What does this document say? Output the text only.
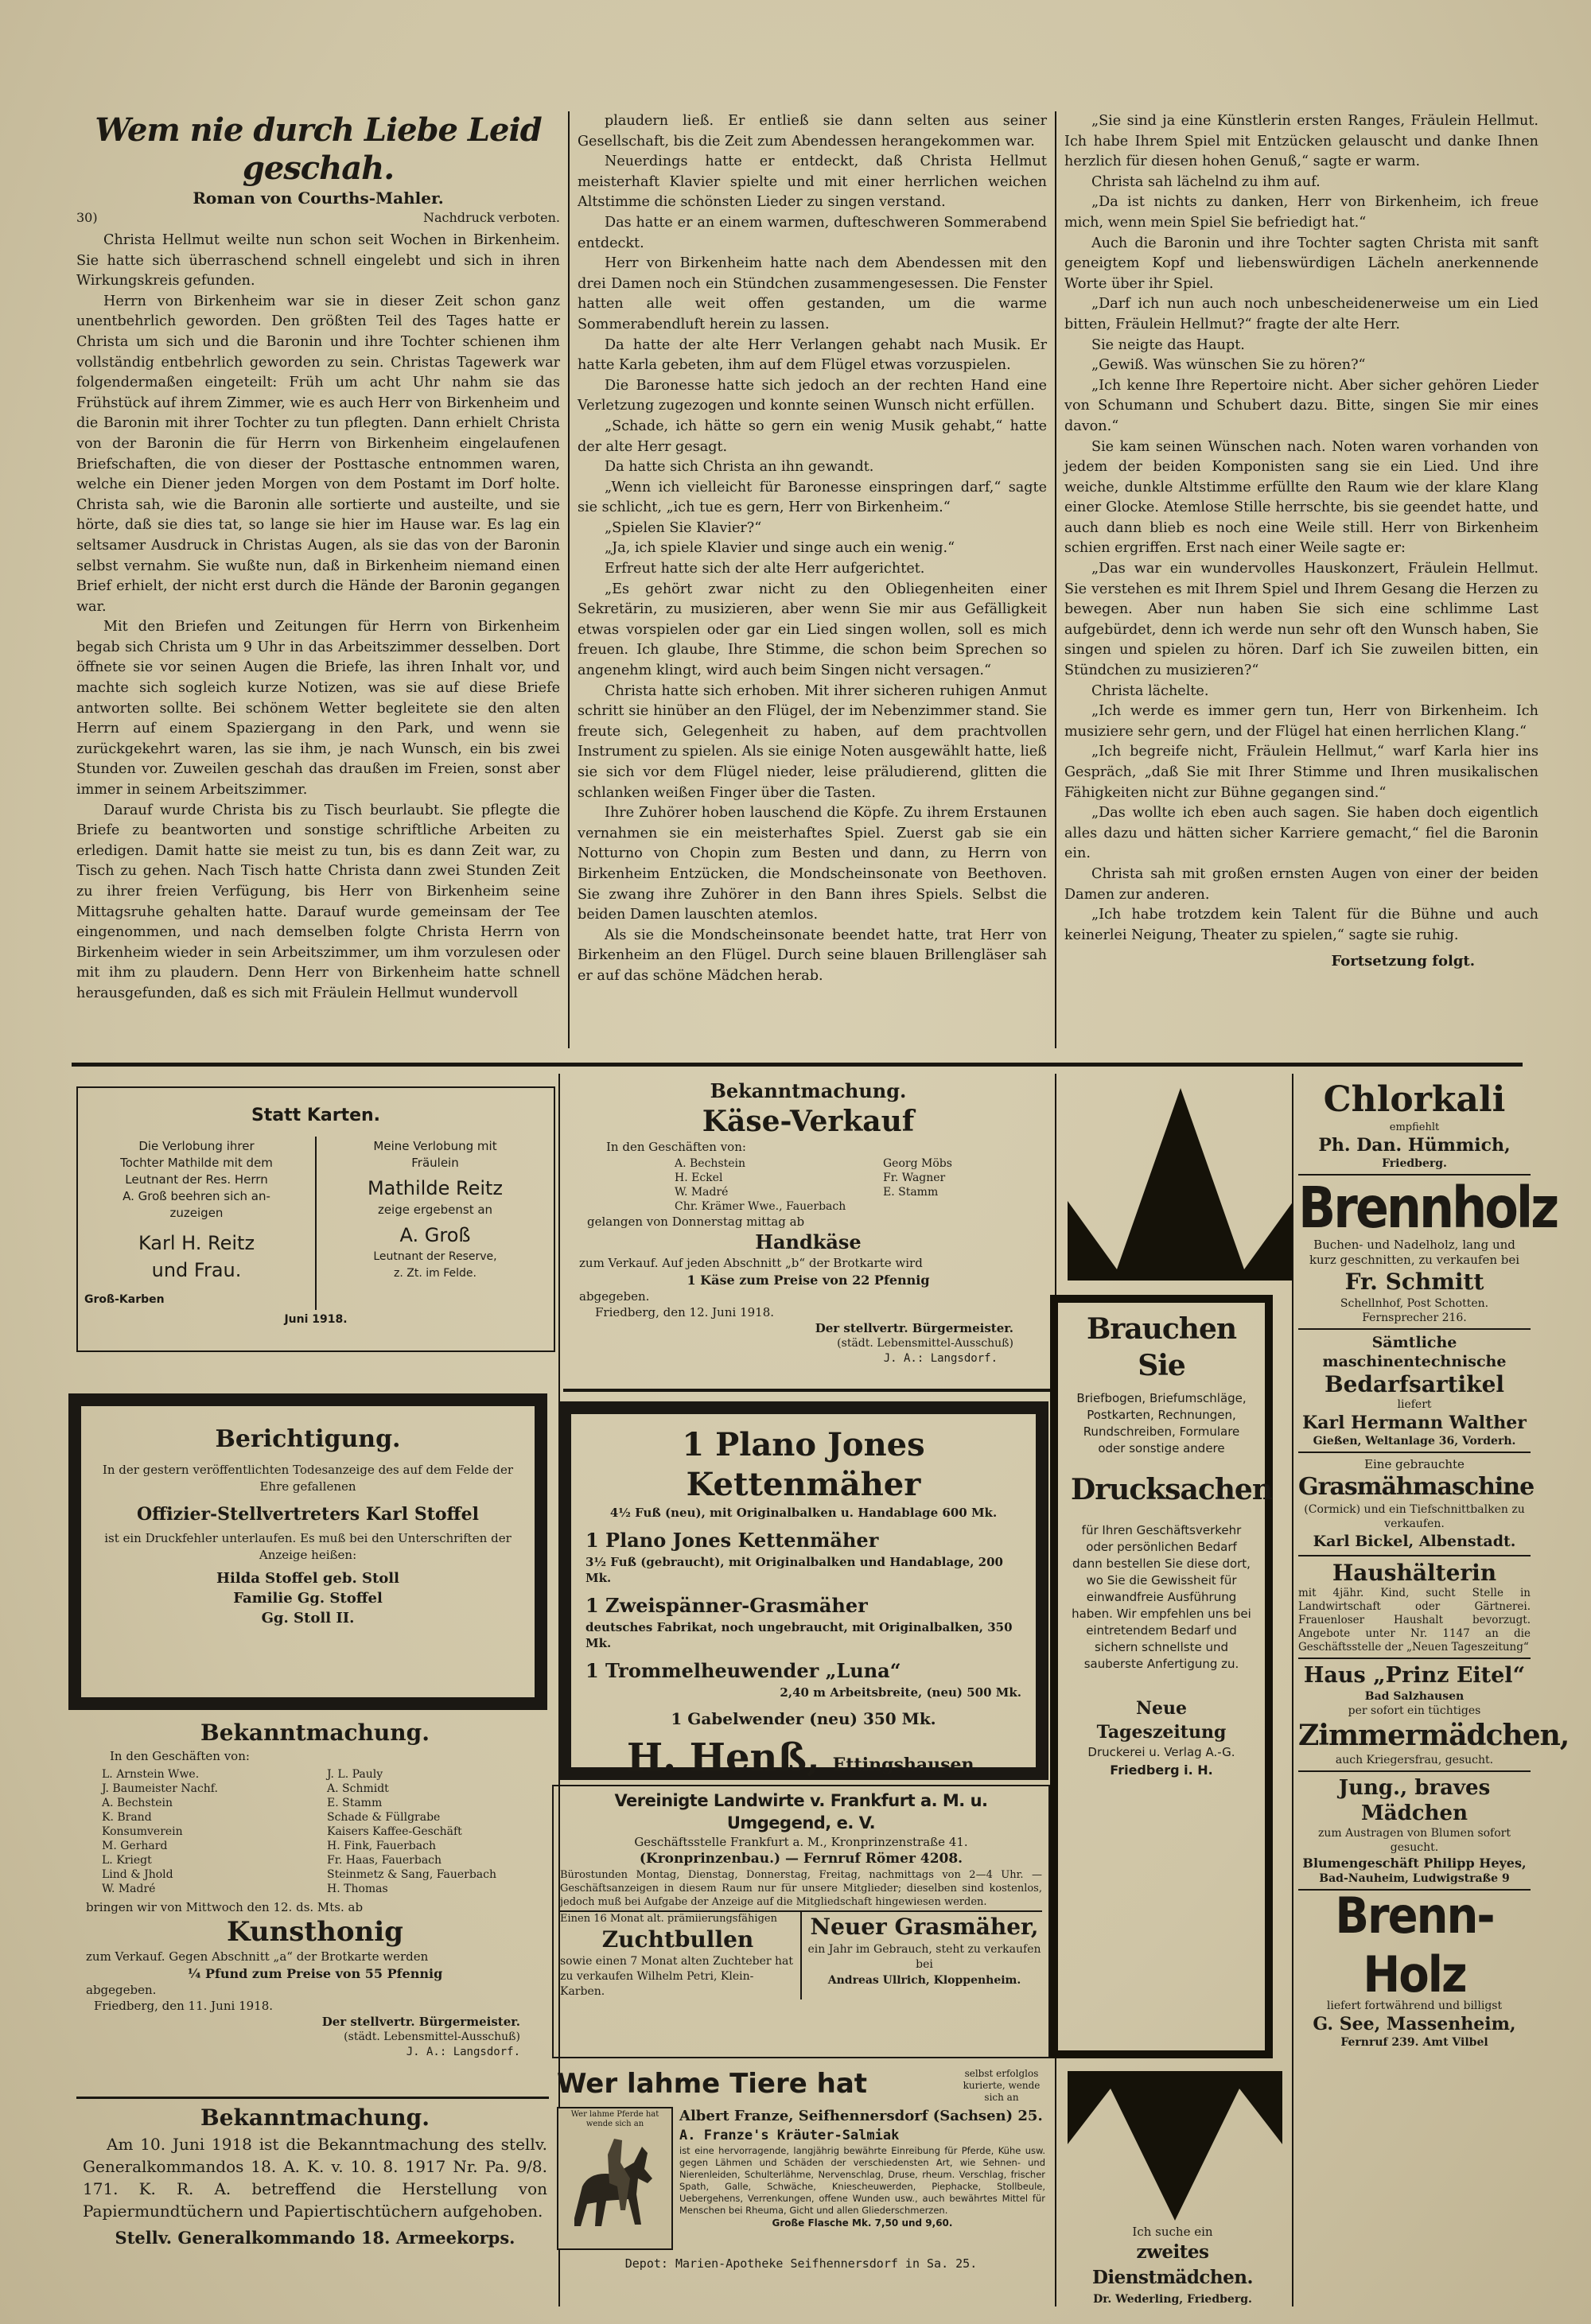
Wem nie durch Liebe Leid geschah.
Roman von Courths-Mahler.
30)	Nachdruck verboten.

Christa Hellmut weilte nun schon seit Wochen in Birkenheim. Sie hatte sich überraschend schnell eingelebt und sich in ihren Wirkungskreis gefunden.

Herrn von Birkenheim war sie in dieser Zeit schon ganz unentbehrlich geworden. Den größten Teil des Tages hatte er Christa um sich und die Baronin und ihre Tochter schienen ihm vollständig entbehrlich geworden zu sein. Christas Tagewerk war folgendermaßen eingeteilt: Früh um acht Uhr nahm sie das Frühstück auf ihrem Zimmer, wie es auch Herr von Birkenheim und die Baronin mit ihrer Tochter zu tun pflegten. Dann erhielt Christa von der Baronin die für Herrn von Birkenheim eingelaufenen Briefschaften, die von dieser der Posttasche entnommen waren, welche ein Diener jeden Morgen von dem Postamt im Dorf holte. Christa sah, wie die Baronin alle sortierte und austeilte, und sie hörte, daß sie dies tat, so lange sie hier im Hause war. Es lag ein seltsamer Ausdruck in Christas Augen, als sie das von der Baronin selbst vernahm. Sie wußte nun, daß in Birkenheim niemand einen Brief erhielt, der nicht erst durch die Hände der Baronin gegangen war.

Mit den Briefen und Zeitungen für Herrn von Birkenheim begab sich Christa um 9 Uhr in das Arbeitszimmer desselben. Dort öffnete sie vor seinen Augen die Briefe, las ihren Inhalt vor, und machte sich sogleich kurze Notizen, was sie auf diese Briefe antworten sollte. Bei schönem Wetter begleitete sie den alten Herrn auf einem Spaziergang in den Park, und wenn sie zurückgekehrt waren, las sie ihm, je nach Wunsch, ein bis zwei Stunden vor. Zuweilen geschah das draußen im Freien, sonst aber immer in seinem Arbeitszimmer.

Darauf wurde Christa bis zu Tisch beurlaubt. Sie pflegte die Briefe zu beantworten und sonstige schriftliche Arbeiten zu erledigen. Damit hatte sie meist zu tun, bis es dann Zeit war, zu Tisch zu gehen. Nach Tisch hatte Christa dann zwei Stunden Zeit zu ihrer freien Verfügung, bis Herr von Birkenheim seine Mittagsruhe gehalten hatte. Darauf wurde gemeinsam der Tee eingenommen, und nach demselben folgte Christa Herrn von Birkenheim wieder in sein Arbeitszimmer, um ihm vorzulesen oder mit ihm zu plaudern. Denn Herr von Birkenheim hatte schnell herausgefunden, daß es sich mit Fräulein Hellmut wundervoll

plaudern ließ. Er entließ sie dann selten aus seiner Gesellschaft, bis die Zeit zum Abendessen herangekommen war.

Neuerdings hatte er entdeckt, daß Christa Hellmut meisterhaft Klavier spielte und mit einer herrlichen weichen Altstimme die schönsten Lieder zu singen verstand.

Das hatte er an einem warmen, dufteschweren Sommerabend entdeckt.

Herr von Birkenheim hatte nach dem Abendessen mit den drei Damen noch ein Stündchen zusammengesessen. Die Fenster hatten alle weit offen gestanden, um die warme Sommerabendluft herein zu lassen.

Da hatte der alte Herr Verlangen gehabt nach Musik. Er hatte Karla gebeten, ihm auf dem Flügel etwas vorzuspielen.

Die Baronesse hatte sich jedoch an der rechten Hand eine Verletzung zugezogen und konnte seinen Wunsch nicht erfüllen.

„Schade, ich hätte so gern ein wenig Musik gehabt,“ hatte der alte Herr gesagt.

Da hatte sich Christa an ihn gewandt.

„Wenn ich vielleicht für Baronesse einspringen darf,“ sagte sie schlicht, „ich tue es gern, Herr von Birkenheim.“

„Spielen Sie Klavier?“

„Ja, ich spiele Klavier und singe auch ein wenig.“

Erfreut hatte sich der alte Herr aufgerichtet.

„Es gehört zwar nicht zu den Obliegenheiten einer Sekretärin, zu musizieren, aber wenn Sie mir aus Gefälligkeit etwas vorspielen oder gar ein Lied singen wollen, soll es mich freuen. Ich glaube, Ihre Stimme, die schon beim Sprechen so angenehm klingt, wird auch beim Singen nicht versagen.“

Christa hatte sich erhoben. Mit ihrer sicheren ruhigen Anmut schritt sie hinüber an den Flügel, der im Nebenzimmer stand. Sie freute sich, Gelegenheit zu haben, auf dem prachtvollen Instrument zu spielen. Als sie einige Noten ausgewählt hatte, ließ sie sich vor dem Flügel nieder, leise präludierend, glitten die schlanken weißen Finger über die Tasten.

Ihre Zuhörer hoben lauschend die Köpfe. Zu ihrem Erstaunen vernahmen sie ein meisterhaftes Spiel. Zuerst gab sie ein Notturno von Chopin zum Besten und dann, zu Herrn von Birkenheim Entzücken, die Mondscheinsonate von Beethoven. Sie zwang ihre Zuhörer in den Bann ihres Spiels. Selbst die beiden Damen lauschten atemlos.

Als sie die Mondscheinsonate beendet hatte, trat Herr von Birkenheim an den Flügel. Durch seine blauen Brillengläser sah er auf das schöne Mädchen herab.

„Sie sind ja eine Künstlerin ersten Ranges, Fräulein Hellmut. Ich habe Ihrem Spiel mit Entzücken gelauscht und danke Ihnen herzlich für diesen hohen Genuß,“ sagte er warm.

Christa sah lächelnd zu ihm auf.

„Da ist nichts zu danken, Herr von Birkenheim, ich freue mich, wenn mein Spiel Sie befriedigt hat.“

Auch die Baronin und ihre Tochter sagten Christa mit sanft geneigtem Kopf und liebenswürdigen Lächeln anerkennende Worte über ihr Spiel.

„Darf ich nun auch noch unbescheidenerweise um ein Lied bitten, Fräulein Hellmut?“ fragte der alte Herr.

Sie neigte das Haupt.

„Gewiß. Was wünschen Sie zu hören?“

„Ich kenne Ihre Repertoire nicht. Aber sicher gehören Lieder von Schumann und Schubert dazu. Bitte, singen Sie mir eines davon.“

Sie kam seinen Wünschen nach. Noten waren vorhanden von jedem der beiden Komponisten sang sie ein Lied. Und ihre weiche, dunkle Altstimme erfüllte den Raum wie der klare Klang einer Glocke. Atemlose Stille herrschte, bis sie geendet hatte, und auch dann blieb es noch eine Weile still. Herr von Birkenheim schien ergriffen. Erst nach einer Weile sagte er:

„Das war ein wundervolles Hauskonzert, Fräulein Hellmut. Sie verstehen es mit Ihrem Spiel und Ihrem Gesang die Herzen zu bewegen. Aber nun haben Sie sich eine schlimme Last aufgebürdet, denn ich werde nun sehr oft den Wunsch haben, Sie singen und spielen zu hören. Darf ich Sie zuweilen bitten, ein Stündchen zu musizieren?“

Christa lächelte.

„Ich werde es immer gern tun, Herr von Birkenheim. Ich musiziere sehr gern, und der Flügel hat einen herrlichen Klang.“

„Ich begreife nicht, Fräulein Hellmut,“ warf Karla hier ins Gespräch, „daß Sie mit Ihrer Stimme und Ihren musikalischen Fähigkeiten nicht zur Bühne gegangen sind.“

„Das wollte ich eben auch sagen. Sie haben doch eigentlich alles dazu und hätten sicher Karriere gemacht,“ fiel die Baronin ein.

Christa sah mit großen ernsten Augen von einer der beiden Damen zur anderen.

„Ich habe trotzdem kein Talent für die Bühne und auch keinerlei Neigung, Theater zu spielen,“ sagte sie ruhig.

Fortsetzung folgt.
Statt Karten.
Die Verlobung ihrer
Tochter Mathilde mit dem
Leutnant der Res. Herrn
A. Groß beehren sich an-
zuzeigen
Karl H. Reitz
und Frau.
Groß-Karben
Meine Verlobung mit
Fräulein
Mathilde Reitz
zeige ergebenst an
A. Groß
Leutnant der Reserve,
z. Zt. im Felde.
Juni 1918.
Berichtigung.
In der gestern veröffentlichten Todesanzeige des auf dem Felde der Ehre gefallenen
Offizier-Stellvertreters Karl Stoffel
ist ein Druckfehler unterlaufen. Es muß bei den Unterschriften der Anzeige heißen:
Hilda Stoffel geb. Stoll
Familie Gg. Stoffel
Gg. Stoll II.
Bekanntmachung.
In den Geschäften von:
L. Arnstein Wwe.
J. Baumeister Nachf.
A. Bechstein
K. Brand
Konsumverein
M. Gerhard
L. Kriegt
Lind & Jhold
W. Madré
J. L. Pauly
A. Schmidt
E. Stamm
Schade & Füllgrabe
Kaisers Kaffee-Geschäft
H. Fink, Fauerbach
Fr. Haas, Fauerbach
Steinmetz & Sang, Fauerbach
H. Thomas
bringen wir von Mittwoch den 12. ds. Mts. ab
Kunsthonig
zum Verkauf. Gegen Abschnitt „a“ der Brotkarte werden
¼ Pfund zum Preise von 55 Pfennig
abgegeben.
Friedberg, den 11. Juni 1918.
Der stellvertr. Bürgermeister.
(städt. Lebensmittel-Ausschuß)
J. A.: Langsdorf.
Bekanntmachung.
Am 10. Juni 1918 ist die Bekanntmachung des stellv. Generalkommandos 18. A. K. v. 10. 8. 1917 Nr. Pa. 9/8. 171. K. R. A. betreffend die Herstellung von Papiermundtüchern und Papiertischtüchern aufgehoben.
Stellv. Generalkommando 18. Armeekorps.
Bekanntmachung.
Käse-Verkauf
In den Geschäften von:
A. Bechstein
H. Eckel
W. Madré
Chr. Krämer Wwe., Fauerbach
Georg Möbs
Fr. Wagner
E. Stamm
gelangen von Donnerstag mittag ab
Handkäse
zum Verkauf. Auf jeden Abschnitt „b“ der Brotkarte wird
1 Käse zum Preise von 22 Pfennig
abgegeben.
Friedberg, den 12. Juni 1918.
Der stellvertr. Bürgermeister.
(städt. Lebensmittel-Ausschuß)
J. A.: Langsdorf.
1 Plano Jones Kettenmäher
4½ Fuß (neu), mit Originalbalken u. Handablage 600 Mk.
1 Plano Jones Kettenmäher
3½ Fuß (gebraucht), mit Originalbalken und Handablage, 200 Mk.
1 Zweispänner-Grasmäher
deutsches Fabrikat, noch ungebraucht, mit Originalbalken, 350 Mk.
1 Trommelheuwender „Luna“
2,40 m Arbeitsbreite, (neu) 500 Mk.
1 Gabelwender (neu) 350 Mk.
H. Henß, Ettingshausen.
Vereinigte Landwirte v. Frankfurt a. M. u. Umgegend, e. V.
Geschäftsstelle Frankfurt a. M., Kronprinzenstraße 41.
(Kronprinzenbau.) — Fernruf Römer 4208.
Bürostunden Montag, Dienstag, Donnerstag, Freitag, nachmittags von 2—4 Uhr. — Geschäftsanzeigen in diesem Raum nur für unsere Mitglieder; dieselben sind kostenlos, jedoch muß bei Aufgabe der Anzeige auf die Mitgliedschaft hingewiesen werden.
Einen 16 Monat alt. prämiierungsfähigen
Zuchtbullen
sowie einen 7 Monat alten Zuchteber hat zu verkaufen Wilhelm Petri, Klein-Karben.
Neuer Grasmäher,
ein Jahr im Gebrauch, steht zu verkaufen bei
Andreas Ullrich, Kloppenheim.
Wer lahme Tiere hat	selbst erfolglos kurierte, wende sich an
Wer lahme Pferde hat wende sich an	Albert Franze, Seifhennersdorf (Sachsen) 25.
A. Franze's Kräuter-Salmiak
ist eine hervorragende, langjährig bewährte Einreibung für Pferde, Kühe usw. gegen Lähmen und Schäden der verschiedensten Art, wie Sehnen- und Nierenleiden, Schulterlähme, Nervenschlag, Druse, rheum. Verschlag, frischer Spath, Galle, Schwäche, Kniescheuwerden, Piephacke, Stollbeule, Uebergehens, Verrenkungen, offene Wunden usw., auch bewährtes Mittel für Menschen bei Rheuma, Gicht und allen Gliederschmerzen.
Große Flasche Mk. 7,50 und 9,60.
Depot: Marien-Apotheke Seifhennersdorf in Sa. 25.
Brauchen Sie
Briefbogen, Briefumschläge, Postkarten, Rechnungen, Rundschreiben, Formulare oder sonstige andere
Drucksachen
für Ihren Geschäftsverkehr oder persönlichen Bedarf dann bestellen Sie diese dort, wo Sie die Gewissheit für einwandfreie Ausführung haben. Wir empfehlen uns bei eintretendem Bedarf und sichern schnellste und sauberste Anfertigung zu.
Neue Tageszeitung
Druckerei u. Verlag A.-G.
Friedberg i. H.
Ich suche ein
zweites Dienstmädchen.
Dr. Wederling, Friedberg.
Chlorkali
empfiehlt
Ph. Dan. Hümmich,
Friedberg.
Brennholz
Buchen- und Nadelholz, lang und kurz geschnitten, zu verkaufen bei
Fr. Schmitt
Schellnhof, Post Schotten.
Fernsprecher 216.
Sämtliche maschinentechnische
Bedarfsartikel
liefert
Karl Hermann Walther
Gießen, Weltanlage 36, Vorderh.
Eine gebrauchte
Grasmähmaschine
(Cormick) und ein Tiefschnittbalken zu verkaufen.
Karl Bickel, Albenstadt.
Haushälterin
mit 4jähr. Kind, sucht Stelle in Landwirtschaft oder Gärtnerei. Frauenloser Haushalt bevorzugt. Angebote unter Nr. 1147 an die Geschäftsstelle der „Neuen Tageszeitung“
Haus „Prinz Eitel“
Bad Salzhausen
per sofort ein tüchtiges
Zimmermädchen,
auch Kriegersfrau, gesucht.
Jung., braves Mädchen
zum Austragen von Blumen sofort gesucht.
Blumengeschäft Philipp Heyes,
Bad-Nauheim, Ludwigstraße 9
Brenn-Holz
liefert fortwährend und billigst
G. See, Massenheim,
Fernruf 239. Amt Vilbel
